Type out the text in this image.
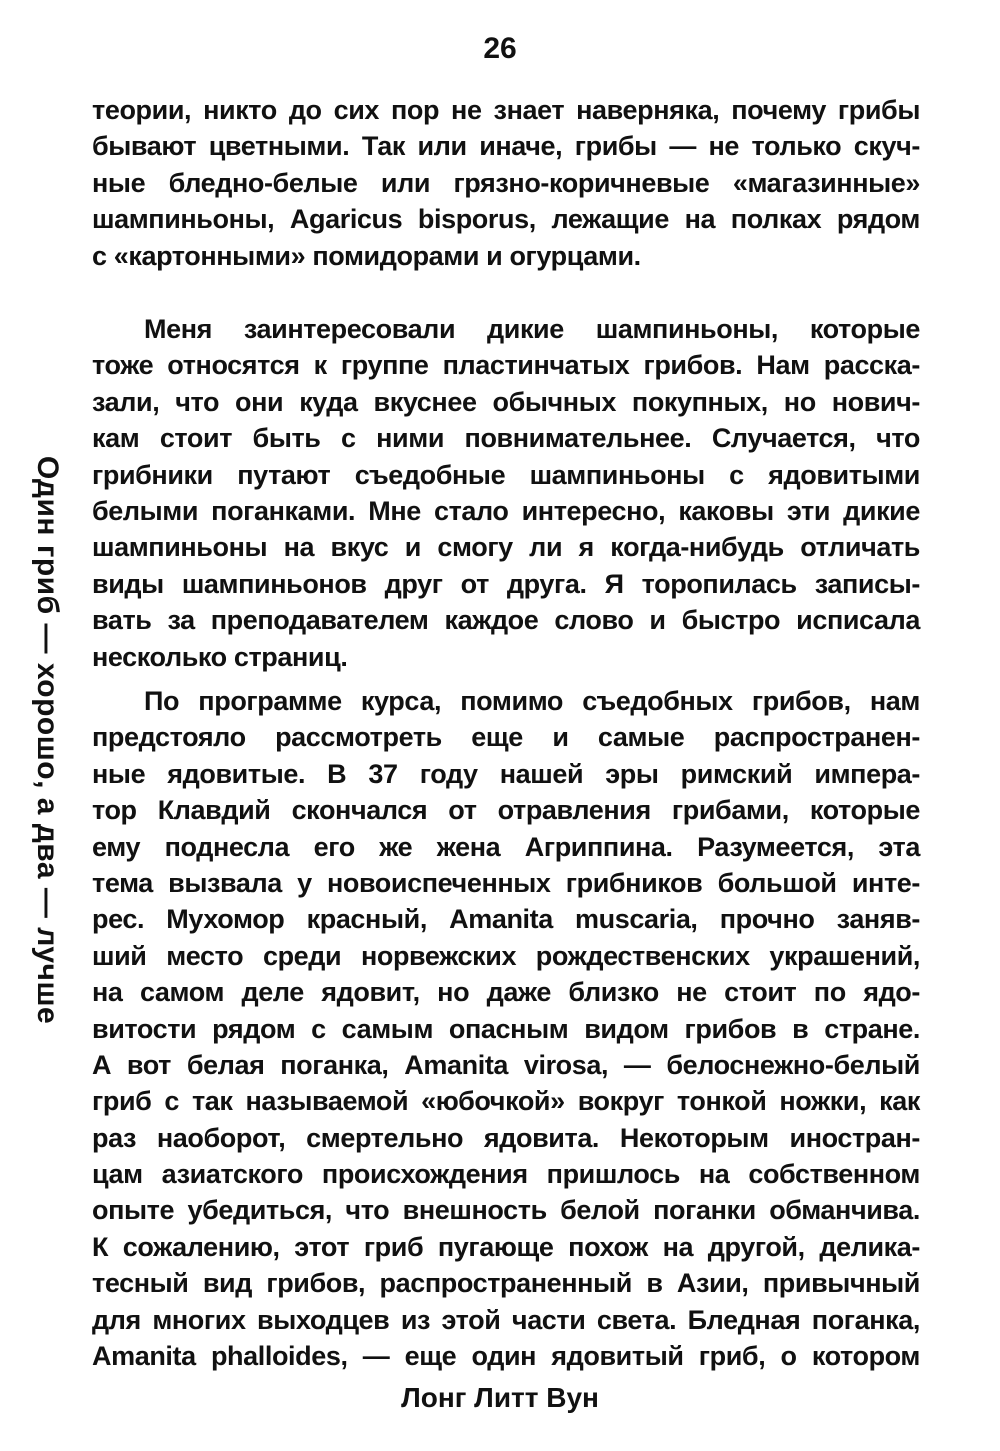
26
Один гриб — хорошо, а два — лучше
теории, никто до сих пор не знает наверняка, почему грибы
бывают цветными. Так или иначе, грибы — не только скуч-
ные бледно-белые или грязно-коричневые «магазинные»
шампиньоны, Agaricus bisporus, лежащие на полках рядом
с «картонными» помидорами и огурцами.
Меня заинтересовали дикие шампиньоны, которые
тоже относятся к группе пластинчатых грибов. Нам расска-
зали, что они куда вкуснее обычных покупных, но нович-
кам стоит быть с ними повнимательнее. Случается, что
грибники путают съедобные шампиньоны с ядовитыми
белыми поганками. Мне стало интересно, каковы эти дикие
шампиньоны на вкус и смогу ли я когда-нибудь отличать
виды шампиньонов друг от друга. Я торопилась записы-
вать за преподавателем каждое слово и быстро исписала
несколько страниц.
По программе курса, помимо съедобных грибов, нам
предстояло рассмотреть еще и самые распространен-
ные ядовитые. В 37 году нашей эры римский импера-
тор Клавдий скончался от отравления грибами, которые
ему поднесла его же жена Агриппина. Разумеется, эта
тема вызвала у новоиспеченных грибников большой инте-
рес. Мухомор красный, Amanita muscaria, прочно заняв-
ший место среди норвежских рождественских украшений,
на самом деле ядовит, но даже близко не стоит по ядо-
витости рядом с самым опасным видом грибов в стране.
А вот белая поганка, Amanita virosa, — белоснежно-белый
гриб с так называемой «юбочкой» вокруг тонкой ножки, как
раз наоборот, смертельно ядовита. Некоторым иностран-
цам азиатского происхождения пришлось на собственном
опыте убедиться, что внешность белой поганки обманчива.
К сожалению, этот гриб пугающе похож на другой, делика-
тесный вид грибов, распространенный в Азии, привычный
для многих выходцев из этой части света. Бледная поганка,
Amanita phalloides, — еще один ядовитый гриб, о котором
Лонг Литт Вун
